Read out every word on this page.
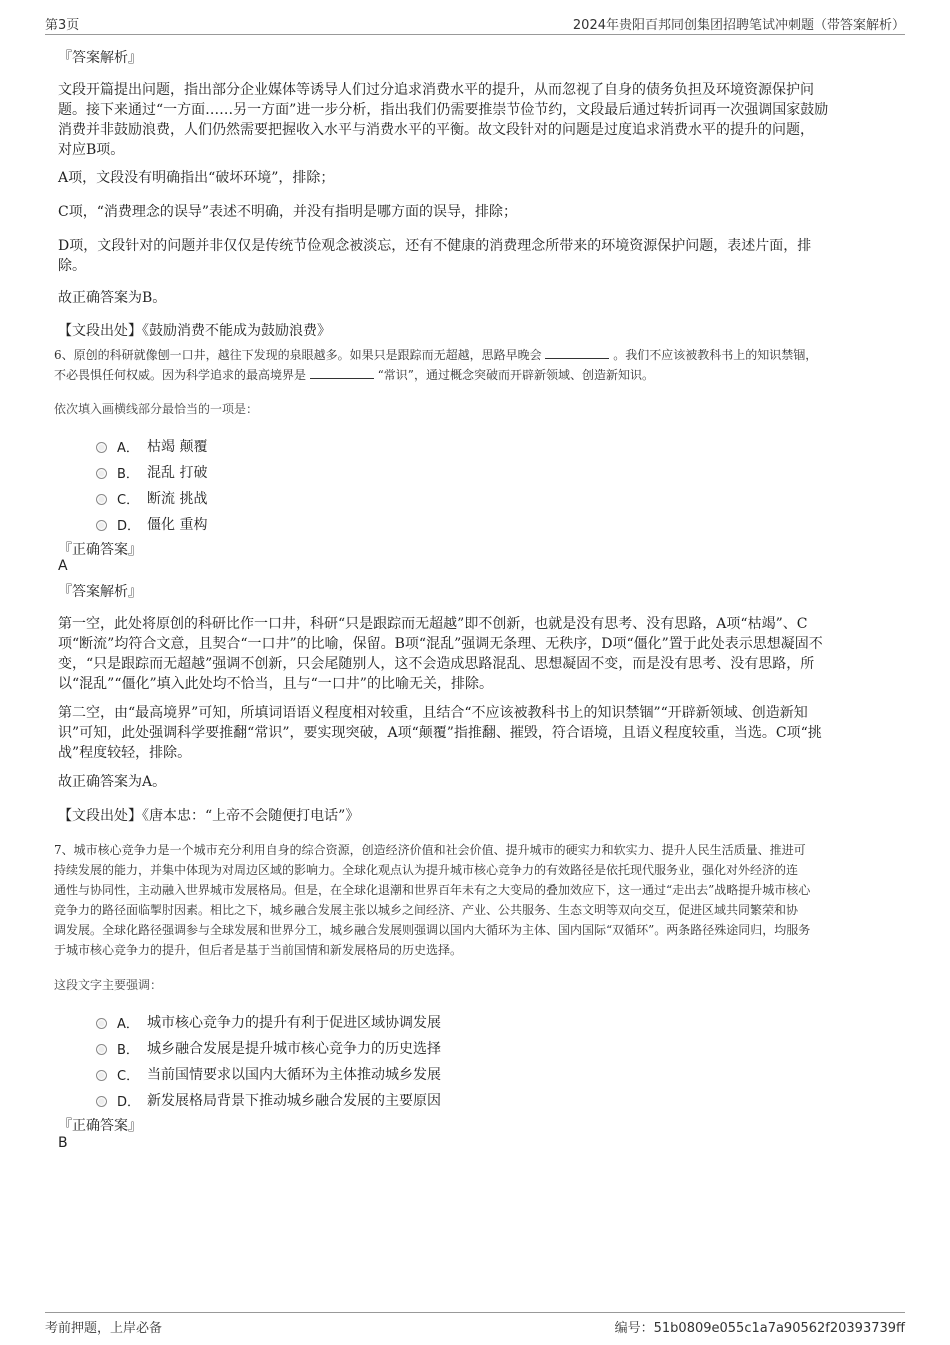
第3页	2024年贵阳百邦同创集团招聘笔试冲刺题（带答案解析）
『答案解析』
文段开篇提出问题，指出部分企业媒体等诱导人们过分追求消费水平的提升，从而忽视了自身的债务负担及环境资源保护问
题。接下来通过“一方面……另一方面”进一步分析，指出我们仍需要推崇节俭节约，文段最后通过转折词再一次强调国家鼓励
消费并非鼓励浪费，人们仍然需要把握收入水平与消费水平的平衡。故文段针对的问题是过度追求消费水平的提升的问题，
对应B项。
A项，文段没有明确指出“破坏环境”，排除；
C项，“消费理念的误导”表述不明确，并没有指明是哪方面的误导，排除；
D项，文段针对的问题并非仅仅是传统节俭观念被淡忘，还有不健康的消费理念所带来的环境资源保护问题，表述片面，排
除。
故正确答案为B。
【文段出处】《鼓励消费不能成为鼓励浪费》
6、原创的科研就像刨一口井，越往下发现的泉眼越多。如果只是跟踪而无超越，思路早晚会	。我们不应该被教科书上的知识禁锢，
不必畏惧任何权威。因为科学追求的最高境界是	“常识”，通过概念突破而开辟新领域、创造新知识。
依次填入画横线部分最恰当的一项是：
A． 枯竭 颠覆
B． 混乱 打破
C． 断流 挑战
D． 僵化 重构
『正确答案』
A
『答案解析』
第一空，此处将原创的科研比作一口井，科研“只是跟踪而无超越”即不创新，也就是没有思考、没有思路，A项“枯竭”、C
项“断流”均符合文意，且契合“一口井”的比喻，保留。B项“混乱”强调无条理、无秩序，D项“僵化”置于此处表示思想凝固不
变，“只是跟踪而无超越”强调不创新，只会尾随别人，这不会造成思路混乱、思想凝固不变，而是没有思考、没有思路，所
以“混乱”“僵化”填入此处均不恰当，且与“一口井”的比喻无关，排除。
第二空，由“最高境界”可知，所填词语语义程度相对较重，且结合“不应该被教科书上的知识禁锢”“开辟新领域、创造新知
识”可知，此处强调科学要推翻“常识”，要实现突破，A项“颠覆”指推翻、摧毁，符合语境，且语义程度较重，当选。C项“挑
战”程度较轻，排除。
故正确答案为A。
【文段出处】《唐本忠：“上帝不会随便打电话”》
7、城市核心竞争力是一个城市充分利用自身的综合资源，创造经济价值和社会价值、提升城市的硬实力和软实力、提升人民生活质量、推进可
持续发展的能力，并集中体现为对周边区域的影响力。全球化观点认为提升城市核心竞争力的有效路径是依托现代服务业，强化对外经济的连
通性与协同性，主动融入世界城市发展格局。但是，在全球化退潮和世界百年未有之大变局的叠加效应下，这一通过“走出去”战略提升城市核心
竞争力的路径面临掣肘因素。相比之下，城乡融合发展主张以城乡之间经济、产业、公共服务、生态文明等双向交互，促进区域共同繁荣和协
调发展。全球化路径强调参与全球发展和世界分工，城乡融合发展则强调以国内大循环为主体、国内国际“双循环”。两条路径殊途同归，均服务
于城市核心竞争力的提升，但后者是基于当前国情和新发展格局的历史选择。
这段文字主要强调：
A． 城市核心竞争力的提升有利于促进区域协调发展
B． 城乡融合发展是提升城市核心竞争力的历史选择
C． 当前国情要求以国内大循环为主体推动城乡发展
D． 新发展格局背景下推动城乡融合发展的主要原因
『正确答案』
B
考前押题，上岸必备	编号：51b0809e055c1a7a90562f20393739ff
